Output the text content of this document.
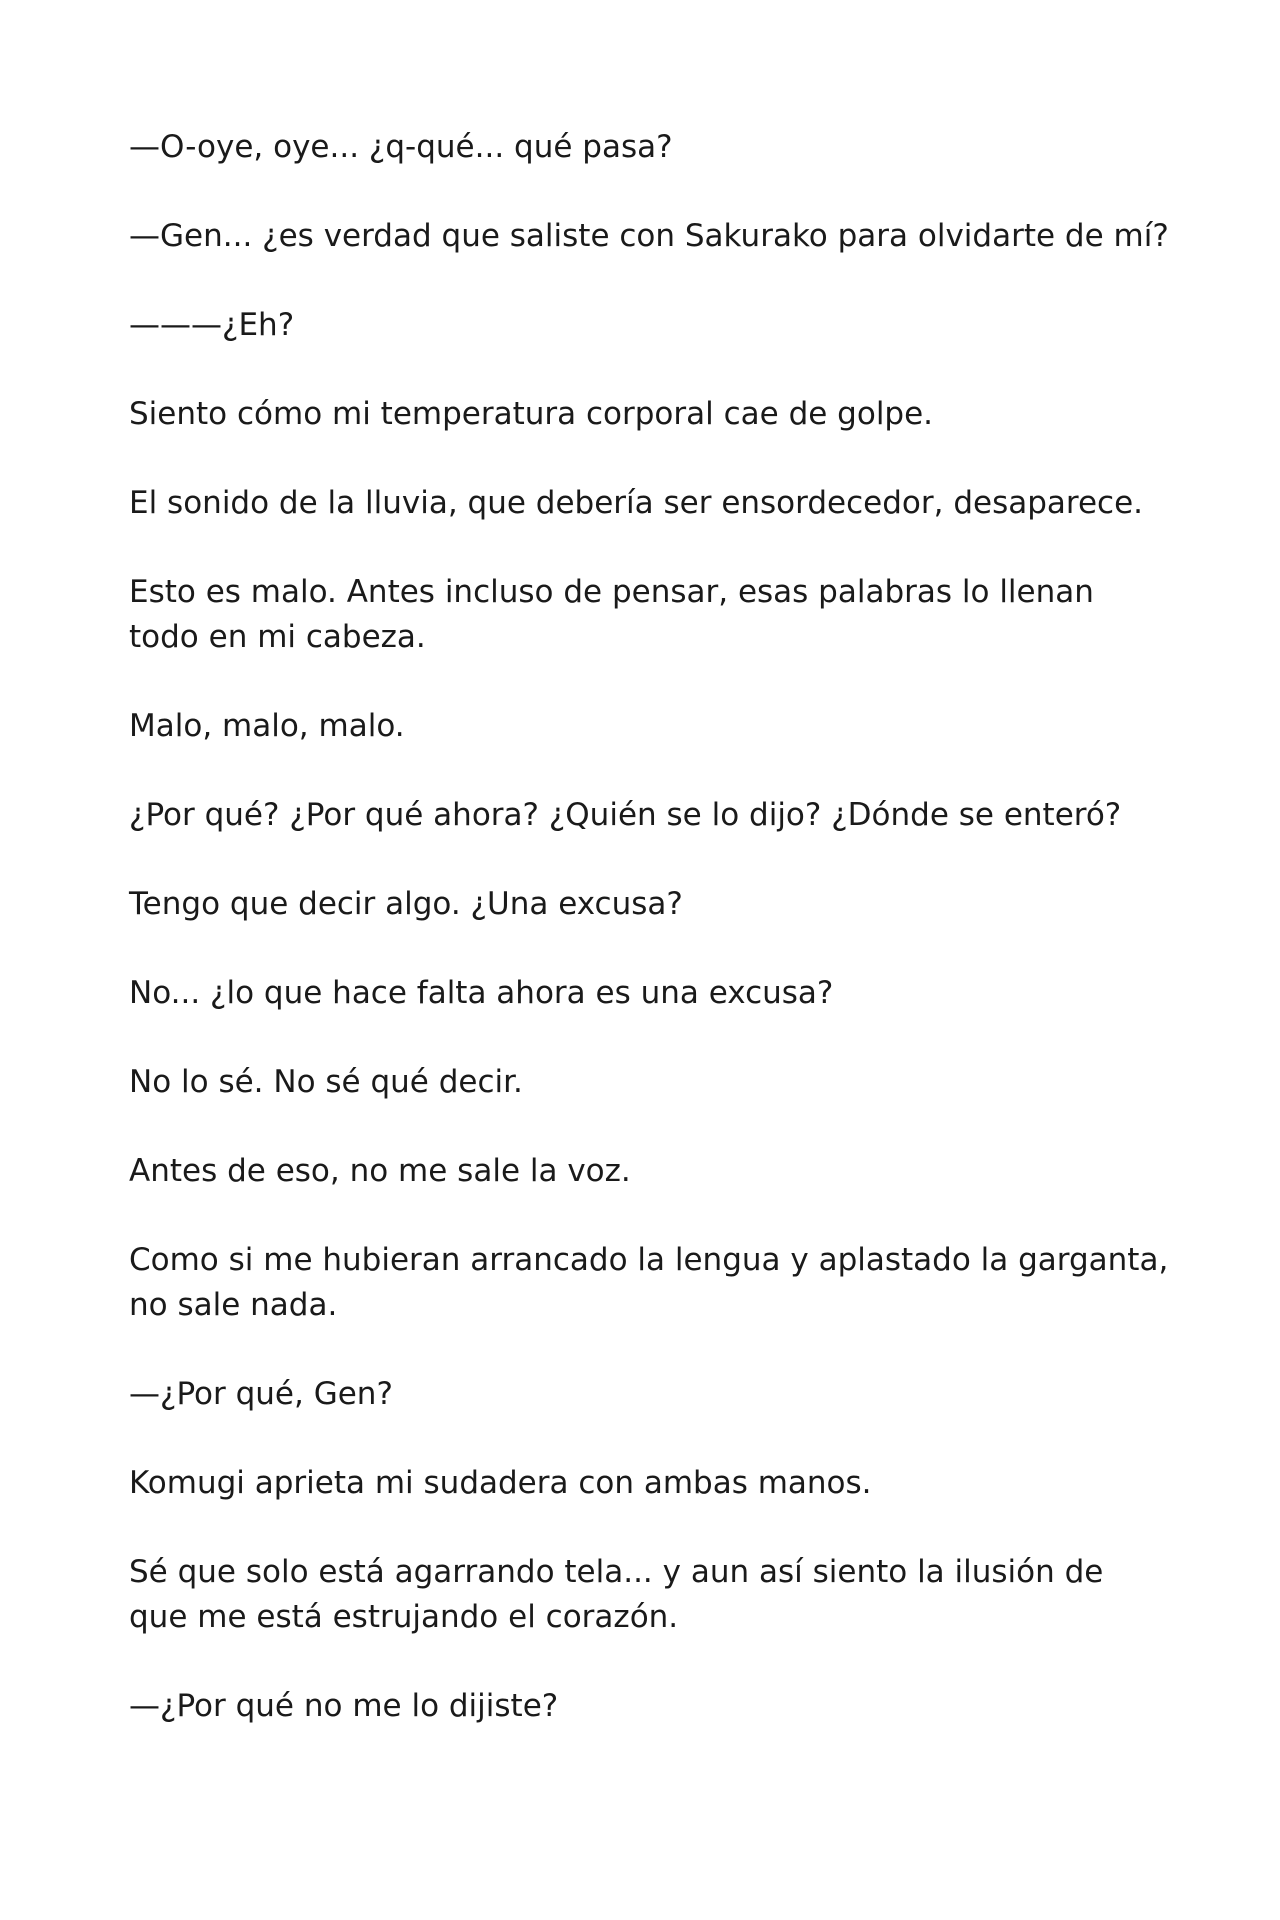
—O-oye, oye... ¿q-qué... qué pasa?

—Gen... ¿es verdad que saliste con Sakurako para olvidarte de mí?

———¿Eh?

Siento cómo mi temperatura corporal cae de golpe.

El sonido de la lluvia, que debería ser ensordecedor, desaparece.

Esto es malo. Antes incluso de pensar, esas palabras lo llenan todo en mi cabeza.

Malo, malo, malo.

¿Por qué? ¿Por qué ahora? ¿Quién se lo dijo? ¿Dónde se enteró?

Tengo que decir algo. ¿Una excusa?

No... ¿lo que hace falta ahora es una excusa?

No lo sé. No sé qué decir.

Antes de eso, no me sale la voz.

Como si me hubieran arrancado la lengua y aplastado la garganta, no sale nada.

—¿Por qué, Gen?

Komugi aprieta mi sudadera con ambas manos.

Sé que solo está agarrando tela... y aun así siento la ilusión de que me está estrujando el corazón.

—¿Por qué no me lo dijiste?
